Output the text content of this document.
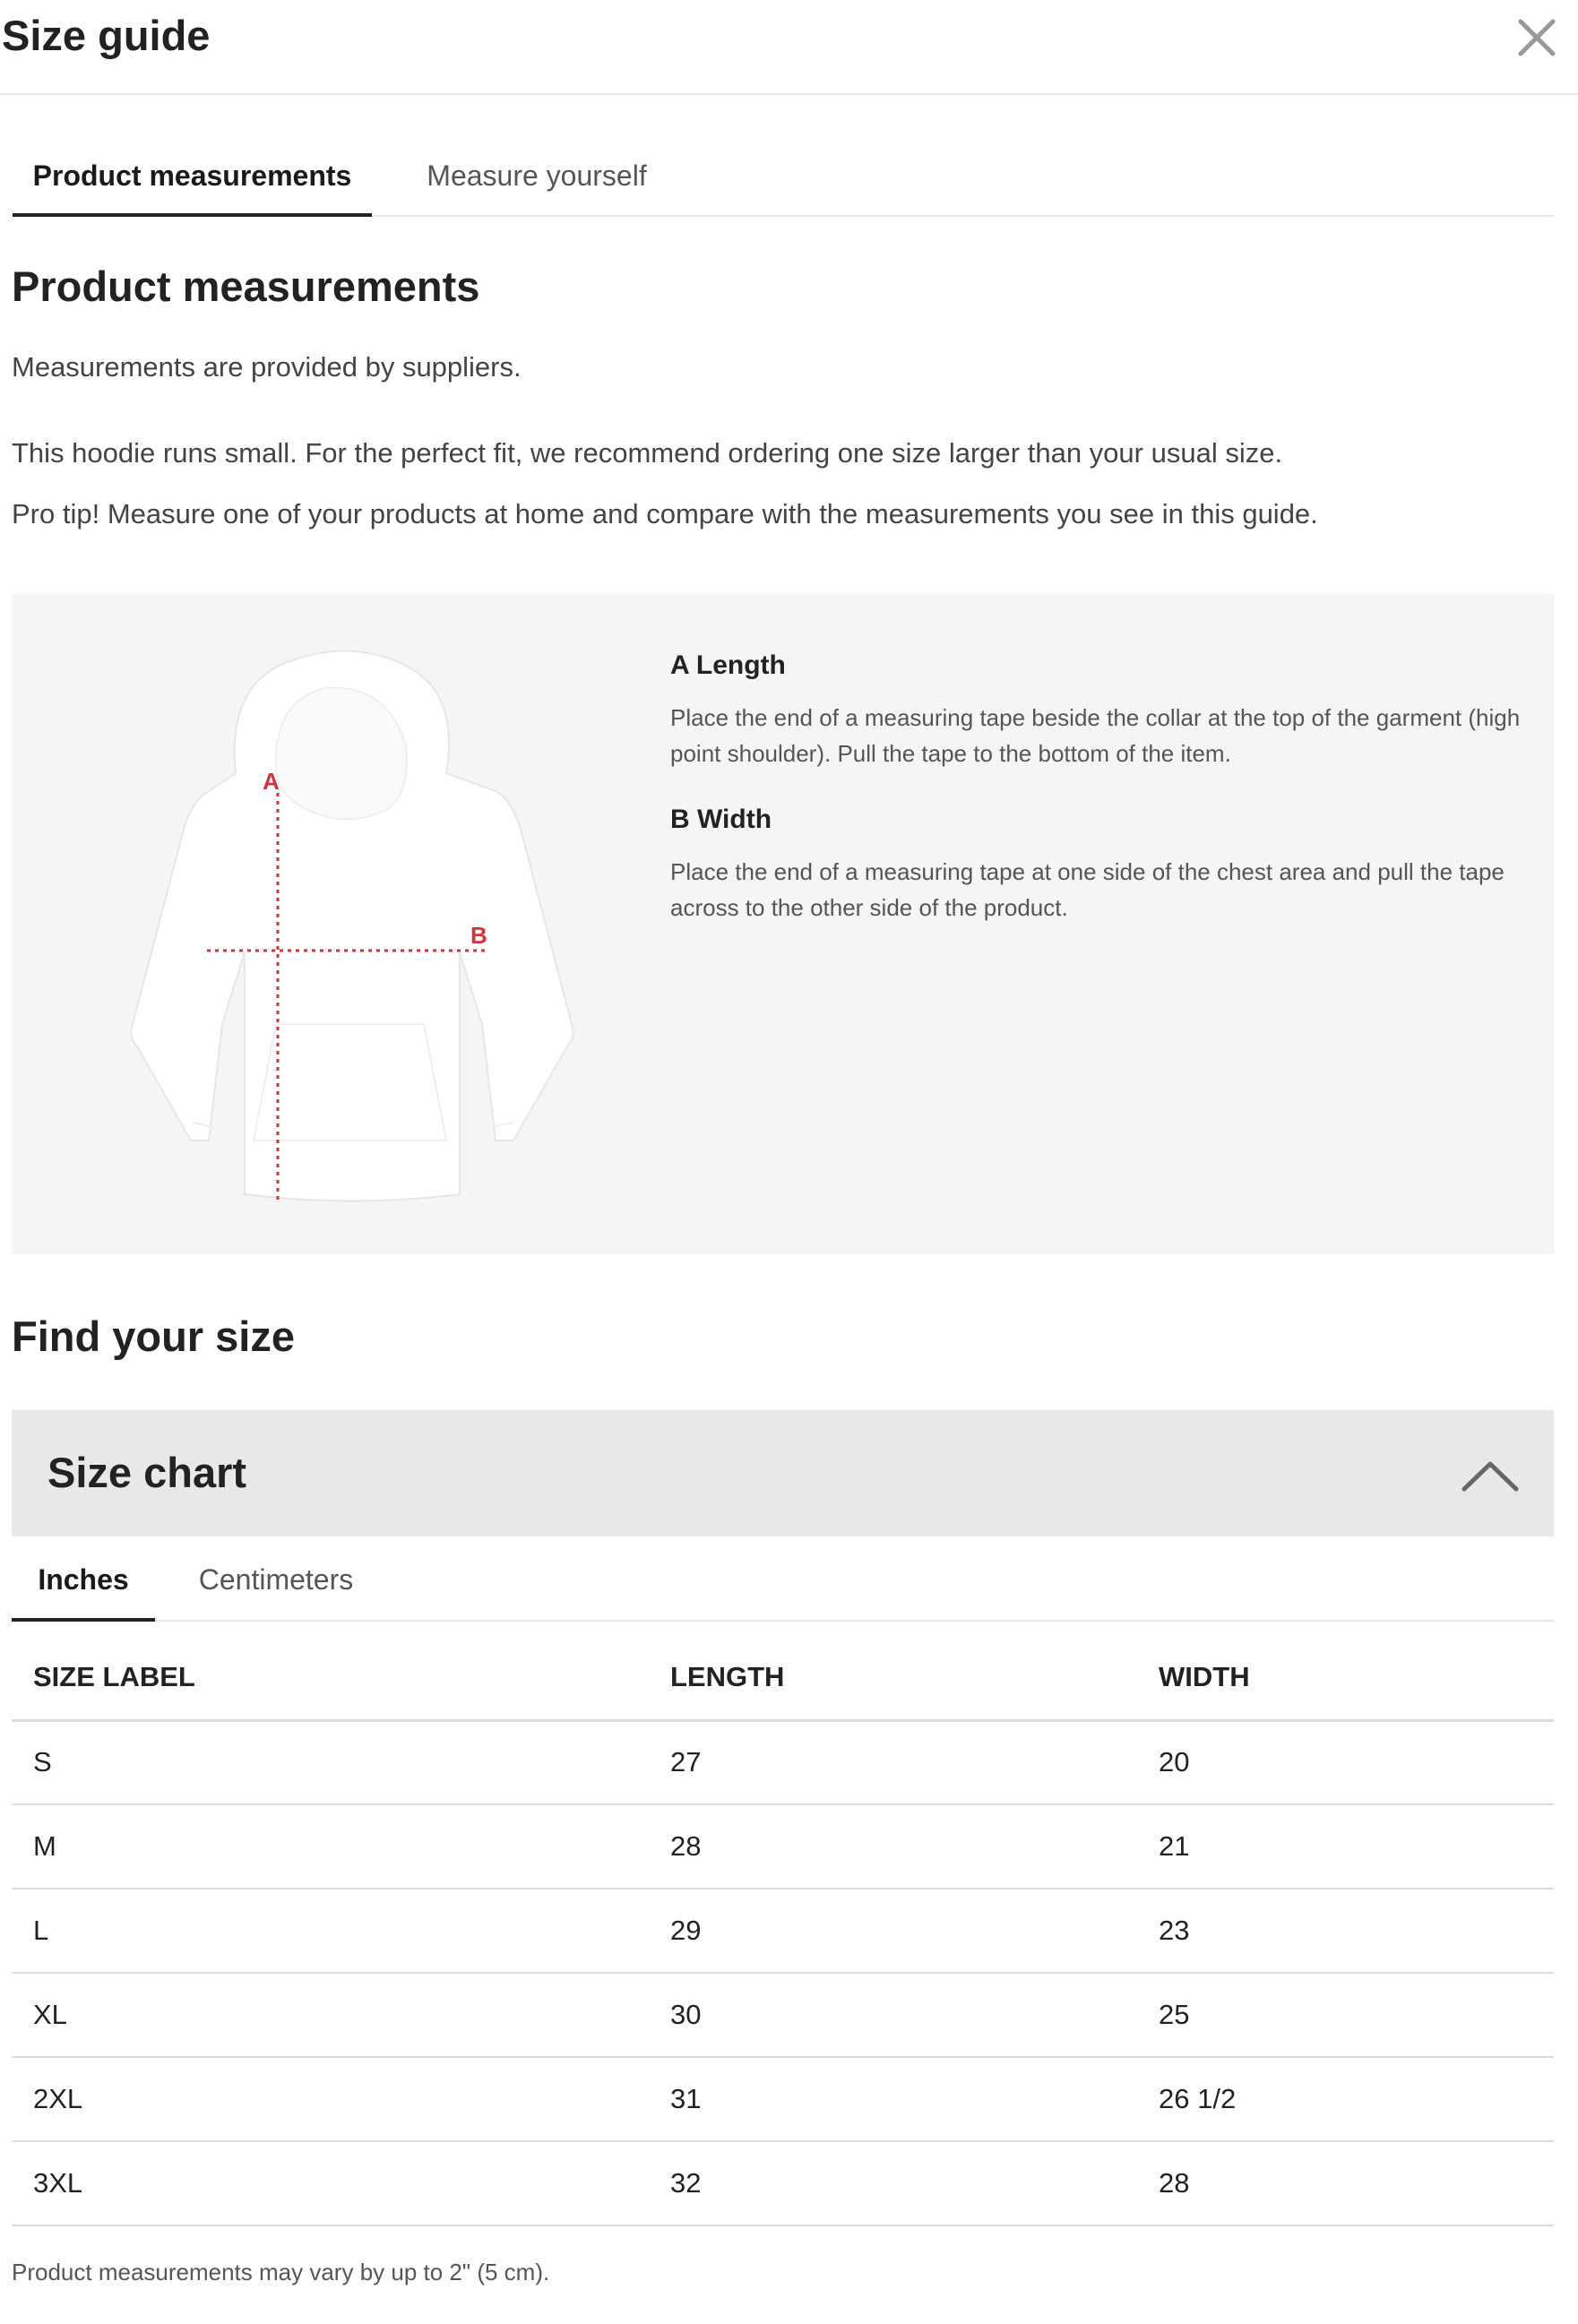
Size guide
Product measurements	Measure yourself
Product measurements

Measurements are provided by suppliers.

This hoodie runs small. For the perfect fit, we recommend ordering one size larger than your usual size.

Pro tip! Measure one of your products at home and compare with the measurements you see in this guide.

A
B
A Length

Place the end of a measuring tape beside the collar at the top of the garment (high point shoulder). Pull the tape to the bottom of the item.

B Width

Place the end of a measuring tape at one side of the chest area and pull the tape across to the other side of the product.

Find your size
Size chart
Inches	Centimeters
SIZE LABEL	LENGTH	WIDTH
S	27	20
M	28	21
L	29	23
XL	30	25
2XL	31	26 1/2
3XL	32	28

Product measurements may vary by up to 2" (5 cm).
